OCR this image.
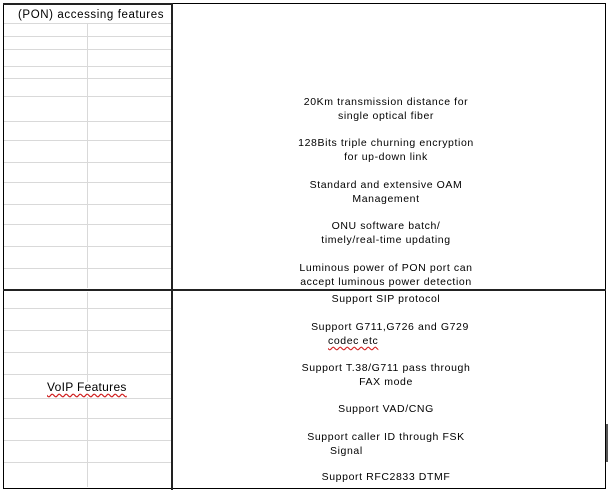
(PON) accessing features
VoIP Features
20Km transmission distance for
single optical fiber
128Bits triple churning encryption
for up-down link
Standard and extensive OAM
Management
ONU software batch/
timely/real-time updating
Luminous power of PON port can
accept luminous power detection
Support SIP protocol
Support G711,G726 and G729
codec etc
Support T.38/G711 pass through
FAX mode
Support VAD/CNG
Support caller ID through FSK
Signal
Support RFC2833 DTMF
